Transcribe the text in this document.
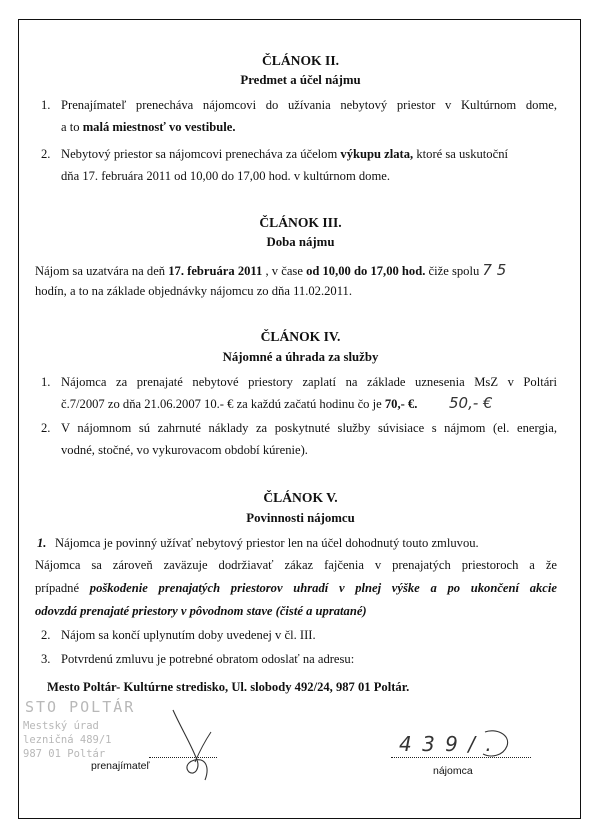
ČLÁNOK II.
Predmet a účel nájmu
1. Prenajímateľ prenecháva nájomcovi do užívania nebytový priestor v Kultúrnom dome,
a to malá miestnosť vo vestibule.
2. Nebytový priestor sa nájomcovi prenecháva za účelom výkupu zlata, ktoré sa uskutoční
dňa 17. februára 2011 od 10,00 do 17,00 hod. v kultúrnom dome.
ČLÁNOK III.
Doba nájmu
Nájom sa uzatvára na deň 17. februára 2011 , v čase od 10,00 do 17,00 hod. čiže spolu 7 5
hodín, a to na základe objednávky nájomcu zo dňa 11.02.2011.
ČLÁNOK IV.
Nájomné a úhrada za služby
1. Nájomca za prenajaté nebytové priestory zaplatí na základe uznesenia MsZ v Poltári
č.7/2007 zo dňa 21.06.2007 10.- € za každú začatú hodinu čo je 70,- €. 50,- €
2. V nájomnom sú zahrnuté náklady za poskytnuté služby súvisiace s nájmom (el. energia,
vodné, stočné, vo vykurovacom období kúrenie).
ČLÁNOK V.
Povinnosti nájomcu
1. Nájomca je povinný užívať nebytový priestor len na účel dohodnutý touto zmluvou.
Nájomca sa zároveň zaväzuje dodržiavať zákaz fajčenia v prenajatých priestoroch a že
prípadné poškodenie prenajatých priestorov uhradí v plnej výške a po ukončení akcie
odovzdá prenajaté priestory v pôvodnom stave (čisté a upratané)
2. Nájom sa končí uplynutím doby uvedenej v čl. III.
3. Potvrdenú zmluvu je potrebné obratom odoslať na adresu:
Mesto Poltár- Kultúrne stredisko, Ul. slobody 492/24, 987 01 Poltár.
STO POLTÁR
Mestský úrad
lezničná 489/1
987 01 Poltár
prenajímateľ
4 3 9 / .
nájomca
